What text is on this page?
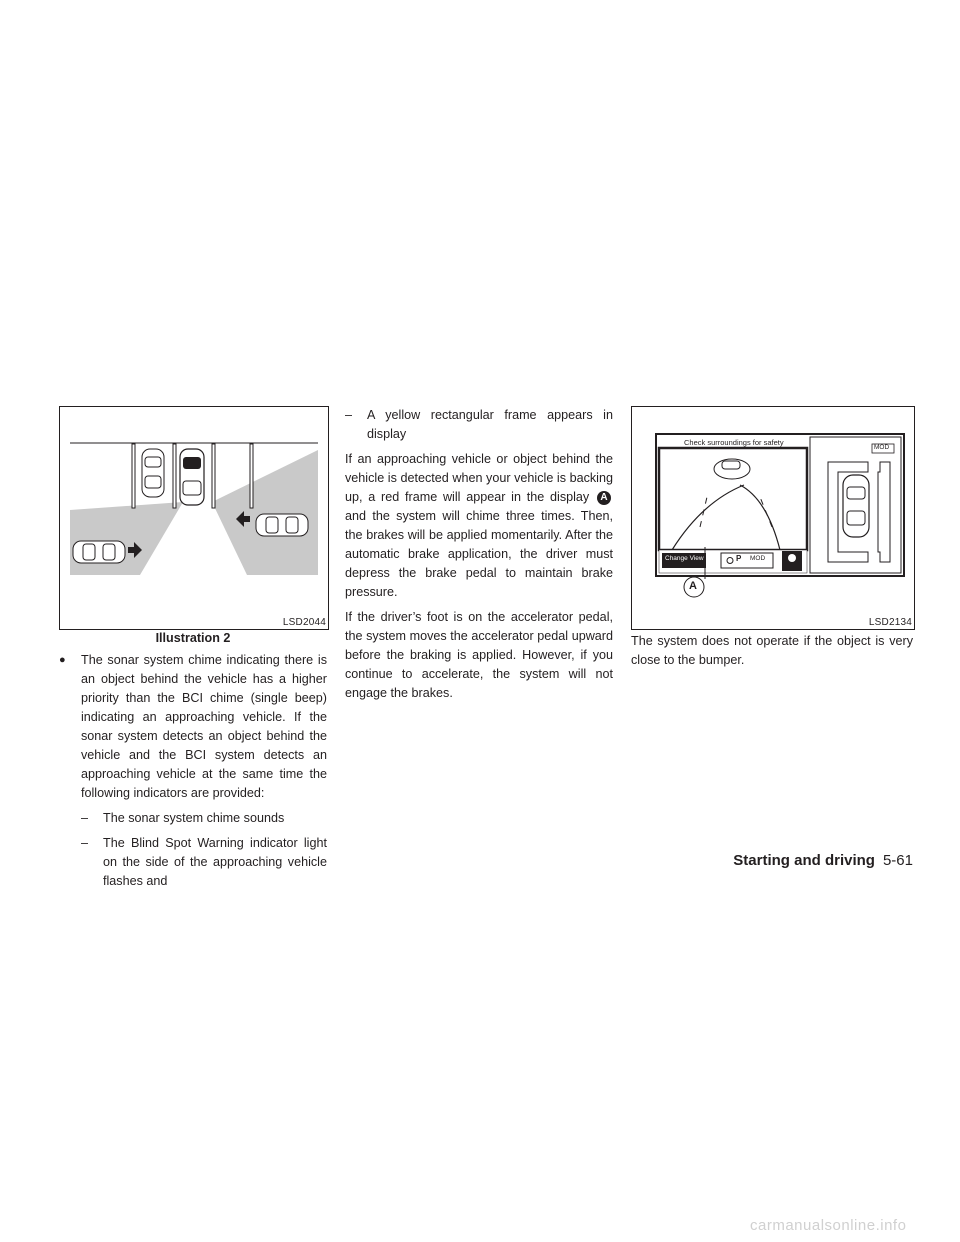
LSD2044
Illustration 2
●	The sonar system chime indicating there is an object behind the vehicle has a higher priority than the BCI chime (single beep) indicating an approaching vehicle. If the sonar system detects an object behind the vehicle and the BCI system detects an approaching vehicle at the same time the following indicators are provided:
–	The sonar system chime sounds
–	The Blind Spot Warning indicator light on the side of the approaching vehicle flashes and
–	A yellow rectangular frame appears in display

If an approaching vehicle or object behind the vehicle is detected when your vehicle is backing up, a red frame will appear in the display A and the system will chime three times. Then, the brakes will be applied momentarily. After the automatic brake application, the driver must depress the brake pedal to maintain brake pressure.

If the driver’s foot is on the accelerator pedal, the system moves the accelerator pedal upward before the braking is applied. However, if you continue to accelerate, the system will not engage the brakes.

Check surroundings for safety
MOD
Change View	P MOD
A
LSD2134
The system does not operate if the object is very close to the bumper.
Starting and driving 5-61
carmanualsonline.info
